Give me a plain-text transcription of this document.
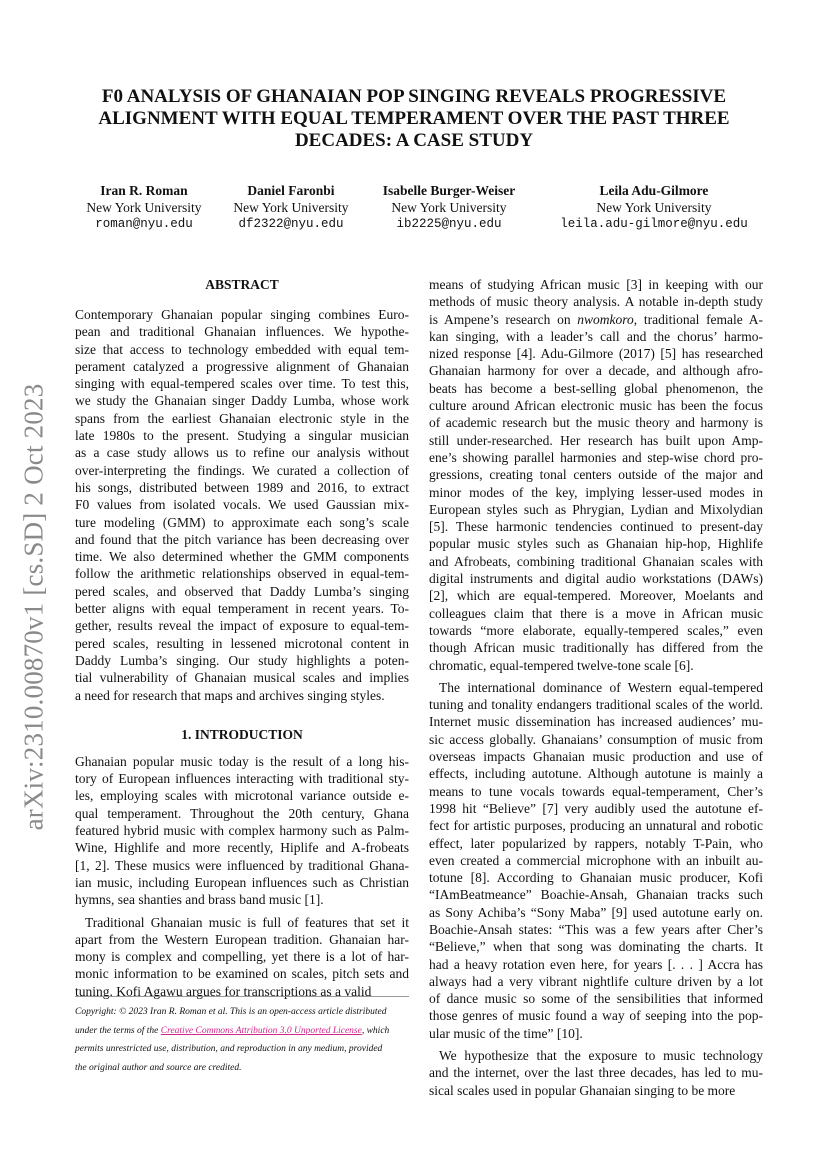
arXiv:2310.00870v1 [cs.SD] 2 Oct 2023
F0 ANALYSIS OF GHANAIAN POP SINGING REVEALS PROGRESSIVE
ALIGNMENT WITH EQUAL TEMPERAMENT OVER THE PAST THREE
DECADES: A CASE STUDY
Iran R. Roman
New York University
roman@nyu.edu
Daniel Faronbi
New York University
df2322@nyu.edu
Isabelle Burger-Weiser
New York University
ib2225@nyu.edu
Leila Adu-Gilmore
New York University
leila.adu-gilmore@nyu.edu
ABSTRACT
Contemporary Ghanaian popular singing combines Euro-
pean and traditional Ghanaian influences. We hypothe-
size that access to technology embedded with equal tem-
perament catalyzed a progressive alignment of Ghanaian
singing with equal-tempered scales over time. To test this,
we study the Ghanaian singer Daddy Lumba, whose work
spans from the earliest Ghanaian electronic style in the
late 1980s to the present. Studying a singular musician
as a case study allows us to refine our analysis without
over-interpreting the findings. We curated a collection of
his songs, distributed between 1989 and 2016, to extract
F0 values from isolated vocals. We used Gaussian mix-
ture modeling (GMM) to approximate each song’s scale
and found that the pitch variance has been decreasing over
time. We also determined whether the GMM components
follow the arithmetic relationships observed in equal-tem-
pered scales, and observed that Daddy Lumba’s singing
better aligns with equal temperament in recent years. To-
gether, results reveal the impact of exposure to equal-tem-
pered scales, resulting in lessened microtonal content in
Daddy Lumba’s singing. Our study highlights a poten-
tial vulnerability of Ghanaian musical scales and implies
a need for research that maps and archives singing styles.
1. INTRODUCTION
Ghanaian popular music today is the result of a long his-
tory of European influences interacting with traditional sty-
les, employing scales with microtonal variance outside e-
qual temperament. Throughout the 20th century, Ghana
featured hybrid music with complex harmony such as Palm-
Wine, Highlife and more recently, Hiplife and A-frobeats
[1, 2]. These musics were influenced by traditional Ghana-
ian music, including European influences such as Christian
hymns, sea shanties and brass band music [1].
Traditional Ghanaian music is full of features that set it
apart from the Western European tradition. Ghanaian har-
mony is complex and compelling, yet there is a lot of har-
monic information to be examined on scales, pitch sets and
tuning. Kofi Agawu argues for transcriptions as a valid
means of studying African music [3] in keeping with our
methods of music theory analysis. A notable in-depth study
is Ampene’s research on nwomkoro, traditional female A-
kan singing, with a leader’s call and the chorus’ harmo-
nized response [4]. Adu-Gilmore (2017) [5] has researched
Ghanaian harmony for over a decade, and although afro-
beats has become a best-selling global phenomenon, the
culture around African electronic music has been the focus
of academic research but the music theory and harmony is
still under-researched. Her research has built upon Amp-
ene’s showing parallel harmonies and step-wise chord pro-
gressions, creating tonal centers outside of the major and
minor modes of the key, implying lesser-used modes in
European styles such as Phrygian, Lydian and Mixolydian
[5]. These harmonic tendencies continued to present-day
popular music styles such as Ghanaian hip-hop, Highlife
and Afrobeats, combining traditional Ghanaian scales with
digital instruments and digital audio workstations (DAWs)
[2], which are equal-tempered. Moreover, Moelants and
colleagues claim that there is a move in African music
towards “more elaborate, equally-tempered scales,” even
though African music traditionally has differed from the
chromatic, equal-tempered twelve-tone scale [6].
The international dominance of Western equal-tempered
tuning and tonality endangers traditional scales of the world.
Internet music dissemination has increased audiences’ mu-
sic access globally. Ghanaians’ consumption of music from
overseas impacts Ghanaian music production and use of
effects, including autotune. Although autotune is mainly a
means to tune vocals towards equal-temperament, Cher’s
1998 hit “Believe” [7] very audibly used the autotune ef-
fect for artistic purposes, producing an unnatural and robotic
effect, later popularized by rappers, notably T-Pain, who
even created a commercial microphone with an inbuilt au-
totune [8]. According to Ghanaian music producer, Kofi
“IAmBeatmeance” Boachie-Ansah, Ghanaian tracks such
as Sony Achiba’s “Sony Maba” [9] used autotune early on.
Boachie-Ansah states: “This was a few years after Cher’s
“Believe,” when that song was dominating the charts. It
had a heavy rotation even here, for years [. . . ] Accra has
always had a very vibrant nightlife culture driven by a lot
of dance music so some of the sensibilities that informed
those genres of music found a way of seeping into the pop-
ular music of the time” [10].
We hypothesize that the exposure to music technology
and the internet, over the last three decades, has led to mu-
sical scales used in popular Ghanaian singing to be more
Copyright: © 2023 Iran R. Roman et al. This is an open-access article distributed
under the terms of the Creative Commons Attribution 3.0 Unported License, which
permits unrestricted use, distribution, and reproduction in any medium, provided
the original author and source are credited.
